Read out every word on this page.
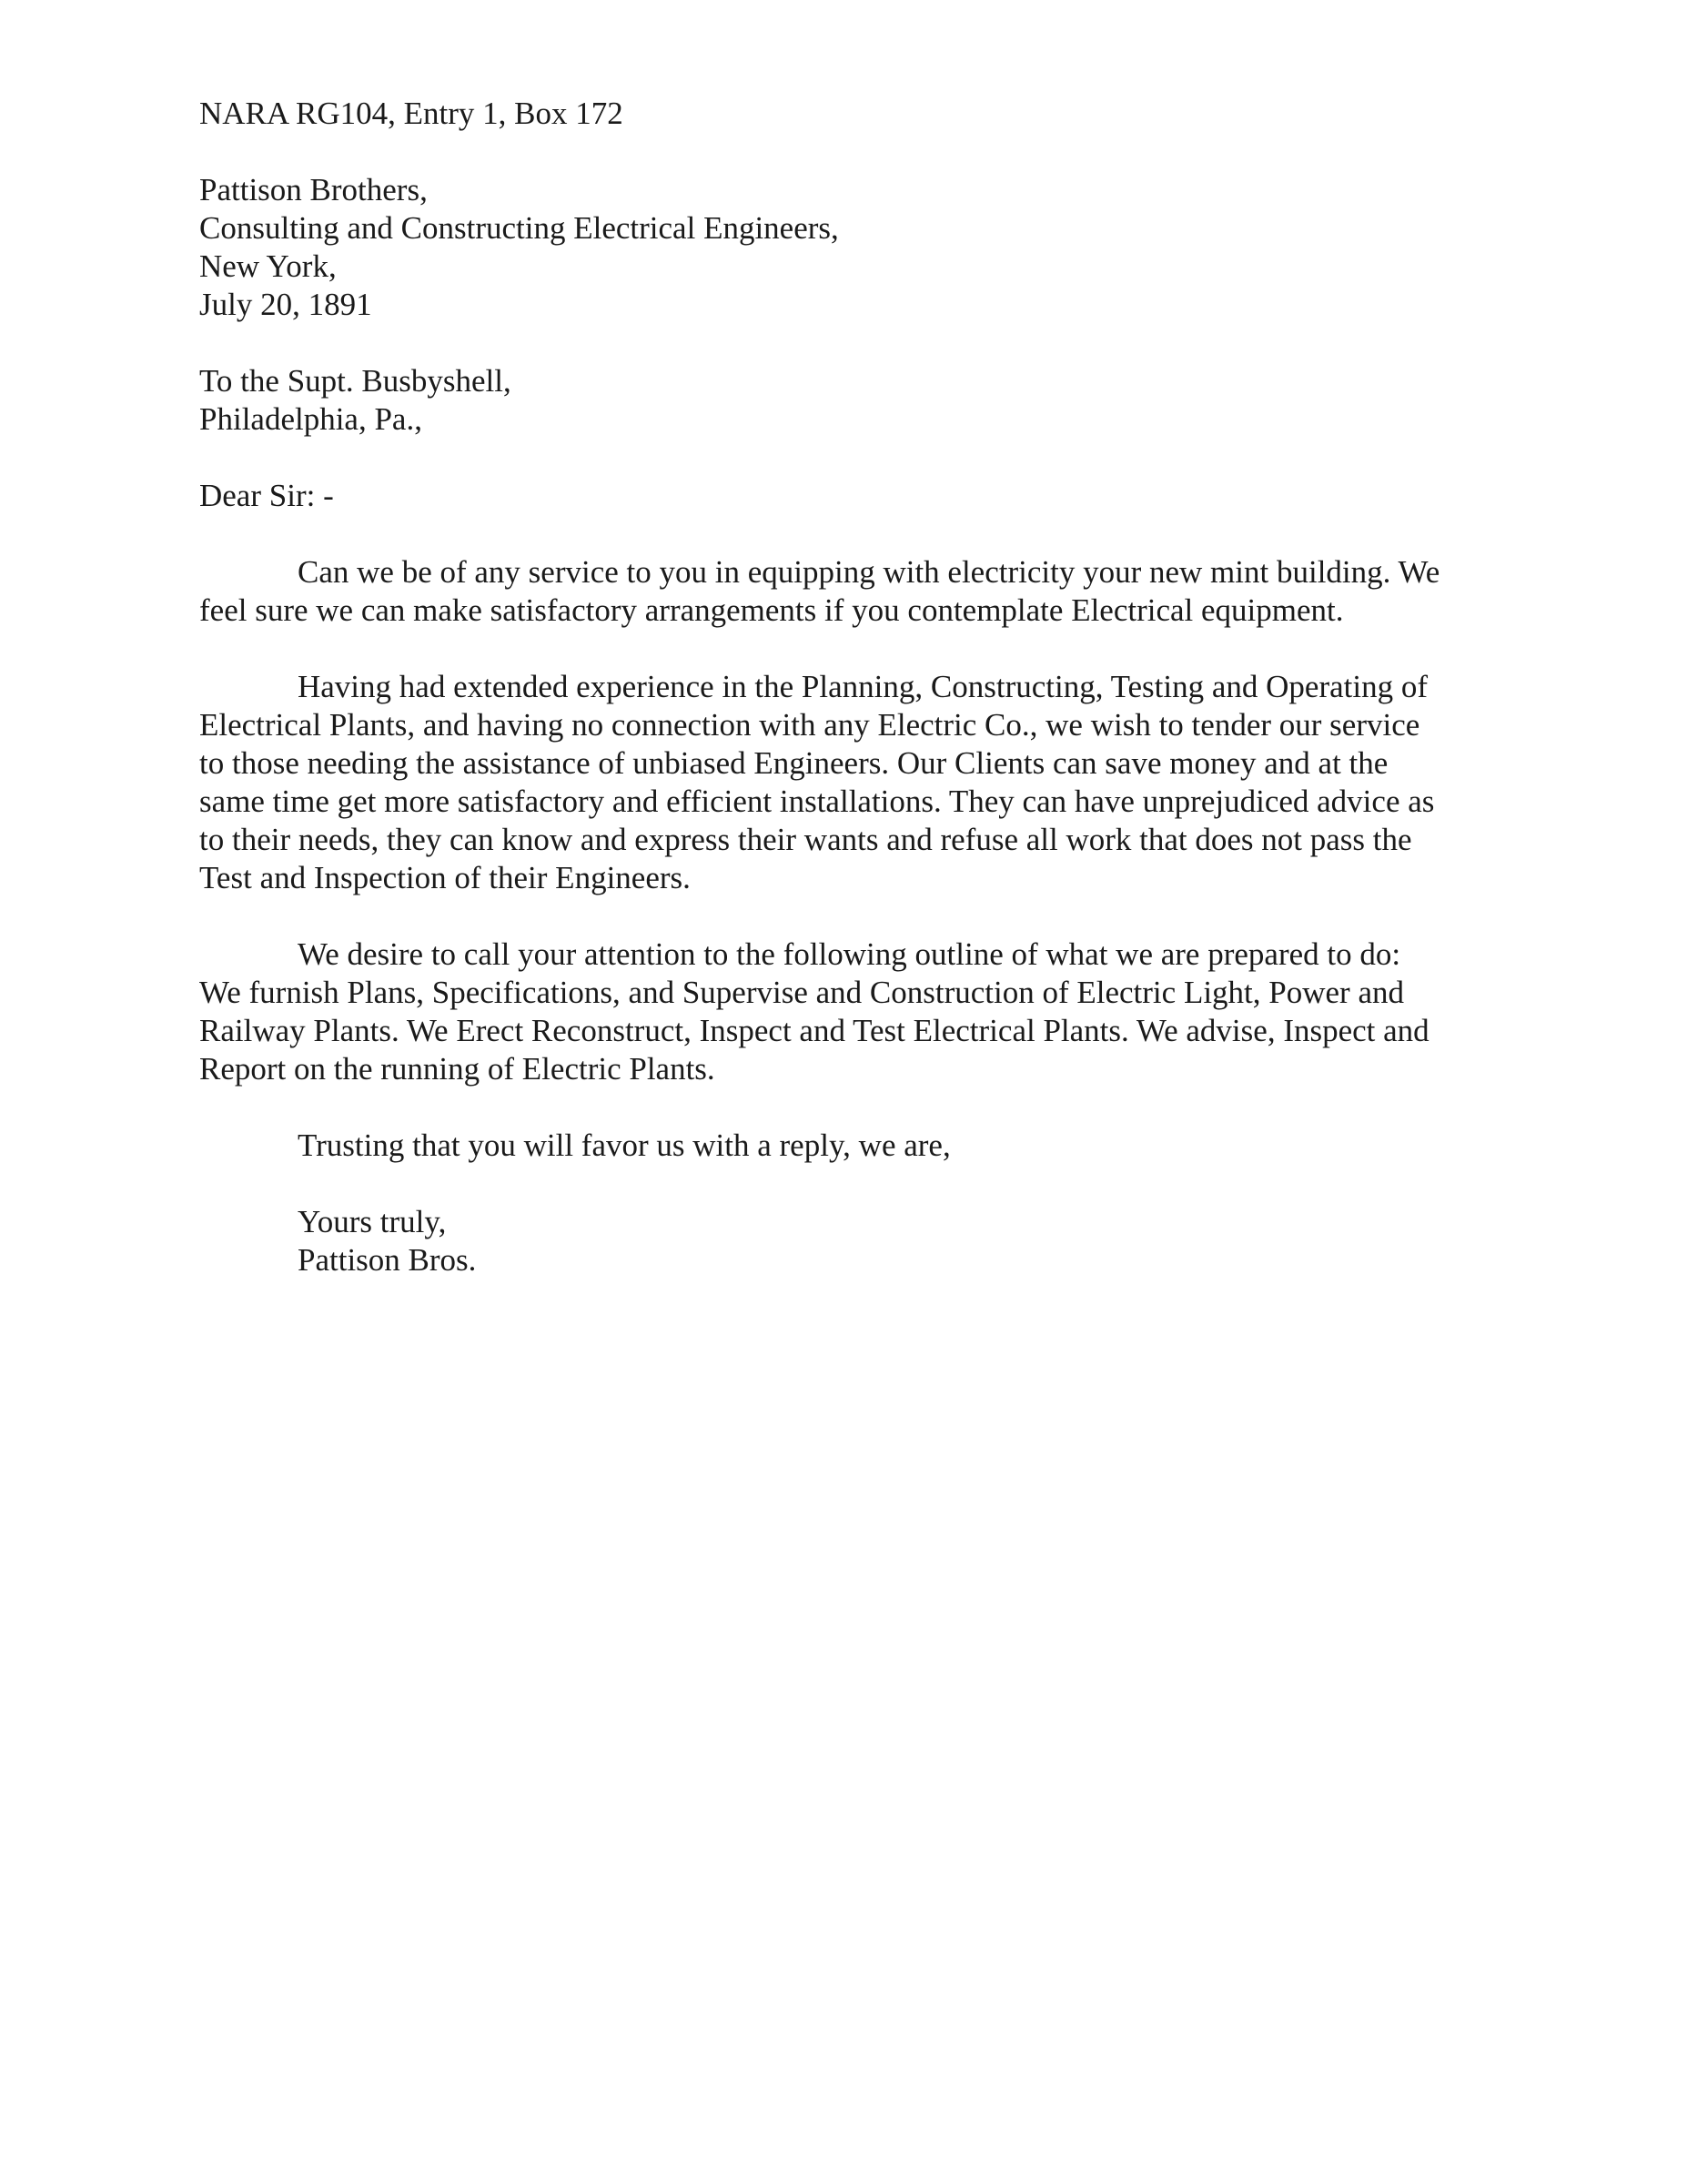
NARA RG104, Entry 1, Box 172
Pattison Brothers,
Consulting and Constructing Electrical Engineers,
New York,
July 20, 1891
To the Supt. Busbyshell,
Philadelphia, Pa.,
Dear Sir: -
Can we be of any service to you in equipping with electricity your new mint building. We
feel sure we can make satisfactory arrangements if you contemplate Electrical equipment.
Having had extended experience in the Planning, Constructing, Testing and Operating of
Electrical Plants, and having no connection with any Electric Co., we wish to tender our service
to those needing the assistance of unbiased Engineers. Our Clients can save money and at the
same time get more satisfactory and efficient installations. They can have unprejudiced advice as
to their needs, they can know and express their wants and refuse all work that does not pass the
Test and Inspection of their Engineers.
We desire to call your attention to the following outline of what we are prepared to do:
We furnish Plans, Specifications, and Supervise and Construction of Electric Light, Power and
Railway Plants. We Erect Reconstruct, Inspect and Test Electrical Plants. We advise, Inspect and
Report on the running of Electric Plants.
Trusting that you will favor us with a reply, we are,
Yours truly,
Pattison Bros.
